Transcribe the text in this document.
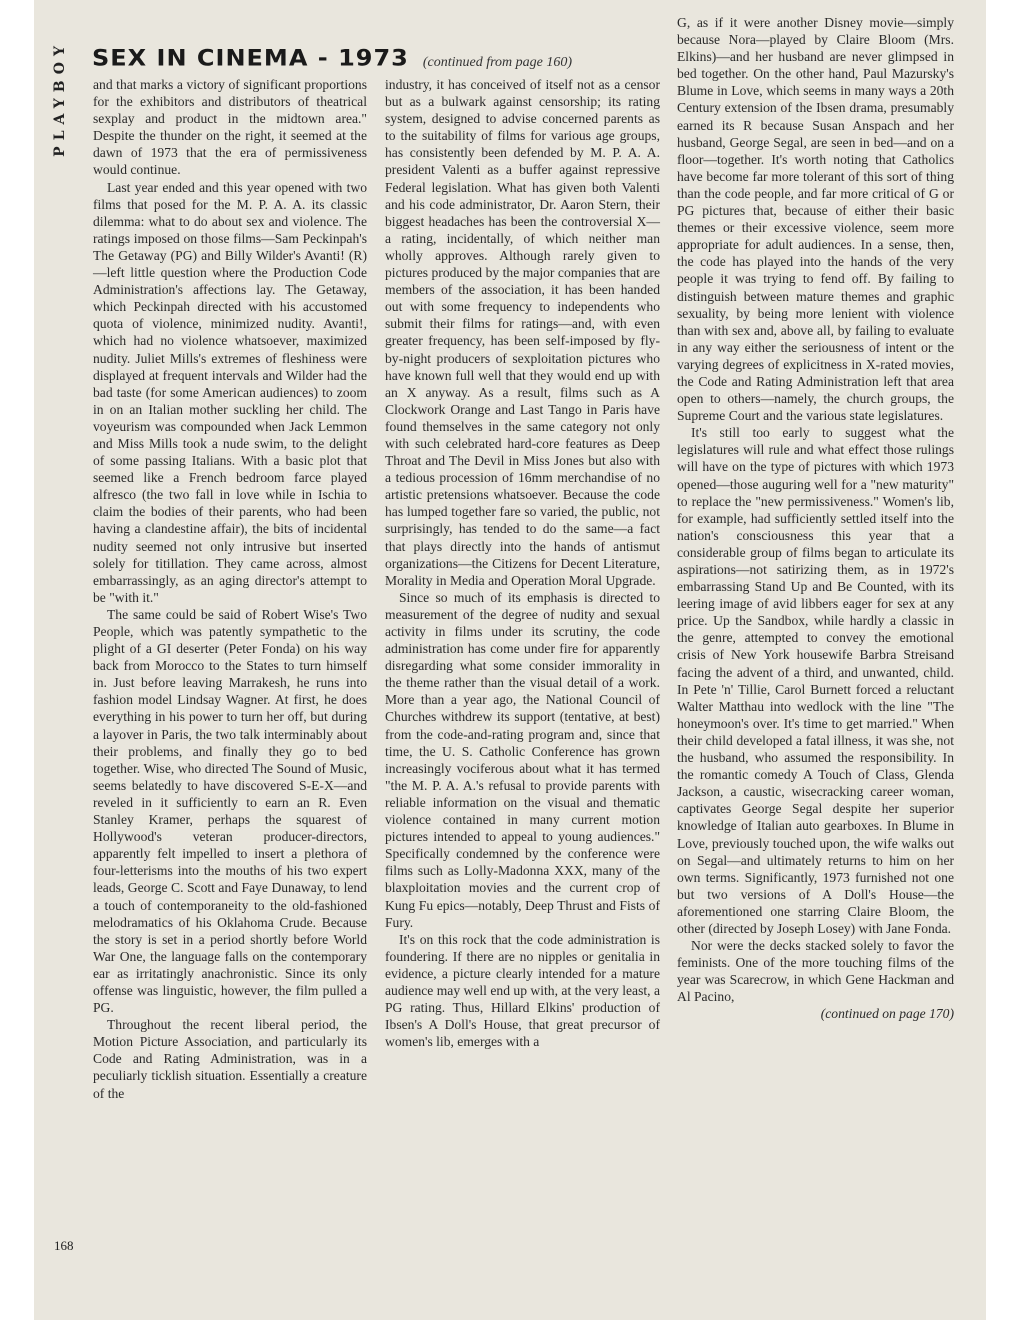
PLAYBOY SEX IN CINEMA - 1973 (continued from page 160)

and that marks a victory of significant proportions for the exhibitors and distributors of theatrical sexplay and product in the midtown area." Despite the thunder on the right, it seemed at the dawn of 1973 that the era of permissiveness would continue.

Last year ended and this year opened with two films that posed for the M. P. A. A. its classic dilemma: what to do about sex and violence. The ratings imposed on those films—Sam Peckinpah's The Getaway (PG) and Billy Wilder's Avanti! (R)—left little question where the Production Code Administration's affections lay. The Getaway, which Peckinpah directed with his accustomed quota of violence, minimized nudity. Avanti!, which had no violence whatsoever, maximized nudity. Juliet Mills's extremes of fleshiness were displayed at frequent intervals and Wilder had the bad taste (for some American audiences) to zoom in on an Italian mother suckling her child. The voyeurism was compounded when Jack Lemmon and Miss Mills took a nude swim, to the delight of some passing Italians. With a basic plot that seemed like a French bedroom farce played alfresco (the two fall in love while in Ischia to claim the bodies of their parents, who had been having a clandestine affair), the bits of incidental nudity seemed not only intrusive but inserted solely for titillation. They came across, almost embarrassingly, as an aging director's attempt to be "with it."

The same could be said of Robert Wise's Two People, which was patently sympathetic to the plight of a GI deserter (Peter Fonda) on his way back from Morocco to the States to turn himself in. Just before leaving Marrakesh, he runs into fashion model Lindsay Wagner. At first, he does everything in his power to turn her off, but during a layover in Paris, the two talk interminably about their problems, and finally they go to bed together. Wise, who directed The Sound of Music, seems belatedly to have discovered S-E-X—and reveled in it sufficiently to earn an R. Even Stanley Kramer, perhaps the squarest of Hollywood's veteran producer-directors, apparently felt impelled to insert a plethora of four-letterisms into the mouths of his two expert leads, George C. Scott and Faye Dunaway, to lend a touch of contemporaneity to the old-fashioned melodramatics of his Oklahoma Crude. Because the story is set in a period shortly before World War One, the language falls on the contemporary ear as irritatingly anachronistic. Since its only offense was linguistic, however, the film pulled a PG.

Throughout the recent liberal period, the Motion Picture Association, and particularly its Code and Rating Administration, was in a peculiarly ticklish situation. Essentially a creature of the

industry, it has conceived of itself not as a censor but as a bulwark against censorship; its rating system, designed to advise concerned parents as to the suitability of films for various age groups, has consistently been defended by M. P. A. A. president Valenti as a buffer against repressive Federal legislation. What has given both Valenti and his code administrator, Dr. Aaron Stern, their biggest headaches has been the controversial X—a rating, incidentally, of which neither man wholly approves. Although rarely given to pictures produced by the major companies that are members of the association, it has been handed out with some frequency to independents who submit their films for ratings—and, with even greater frequency, has been self-imposed by fly-by-night producers of sexploitation pictures who have known full well that they would end up with an X anyway. As a result, films such as A Clockwork Orange and Last Tango in Paris have found themselves in the same category not only with such celebrated hard-core features as Deep Throat and The Devil in Miss Jones but also with a tedious procession of 16mm merchandise of no artistic pretensions whatsoever. Because the code has lumped together fare so varied, the public, not surprisingly, has tended to do the same—a fact that plays directly into the hands of antismut organizations—the Citizens for Decent Literature, Morality in Media and Operation Moral Upgrade.

Since so much of its emphasis is directed to measurement of the degree of nudity and sexual activity in films under its scrutiny, the code administration has come under fire for apparently disregarding what some consider immorality in the theme rather than the visual detail of a work. More than a year ago, the National Council of Churches withdrew its support (tentative, at best) from the code-and-rating program and, since that time, the U. S. Catholic Conference has grown increasingly vociferous about what it has termed "the M. P. A. A.'s refusal to provide parents with reliable information on the visual and thematic violence contained in many current motion pictures intended to appeal to young audiences." Specifically condemned by the conference were films such as Lolly-Madonna XXX, many of the blaxploitation movies and the current crop of Kung Fu epics—notably, Deep Thrust and Fists of Fury.

It's on this rock that the code administration is foundering. If there are no nipples or genitalia in evidence, a picture clearly intended for a mature audience may well end up with, at the very least, a PG rating. Thus, Hillard Elkins' production of Ibsen's A Doll's House, that great precursor of women's lib, emerges with a

G, as if it were another Disney movie—simply because Nora—played by Claire Bloom (Mrs. Elkins)—and her husband are never glimpsed in bed together. On the other hand, Paul Mazursky's Blume in Love, which seems in many ways a 20th Century extension of the Ibsen drama, presumably earned its R because Susan Anspach and her husband, George Segal, are seen in bed—and on a floor—together. It's worth noting that Catholics have become far more tolerant of this sort of thing than the code people, and far more critical of G or PG pictures that, because of either their basic themes or their excessive violence, seem more appropriate for adult audiences. In a sense, then, the code has played into the hands of the very people it was trying to fend off. By failing to distinguish between mature themes and graphic sexuality, by being more lenient with violence than with sex and, above all, by failing to evaluate in any way either the seriousness of intent or the varying degrees of explicitness in X-rated movies, the Code and Rating Administration left that area open to others—namely, the church groups, the Supreme Court and the various state legislatures.

It's still too early to suggest what the legislatures will rule and what effect those rulings will have on the type of pictures with which 1973 opened—those auguring well for a "new maturity" to replace the "new permissiveness." Women's lib, for example, had sufficiently settled itself into the nation's consciousness this year that a considerable group of films began to articulate its aspirations—not satirizing them, as in 1972's embarrassing Stand Up and Be Counted, with its leering image of avid libbers eager for sex at any price. Up the Sandbox, while hardly a classic in the genre, attempted to convey the emotional crisis of New York housewife Barbra Streisand facing the advent of a third, and unwanted, child. In Pete 'n' Tillie, Carol Burnett forced a reluctant Walter Matthau into wedlock with the line "The honeymoon's over. It's time to get married." When their child developed a fatal illness, it was she, not the husband, who assumed the responsibility. In the romantic comedy A Touch of Class, Glenda Jackson, a caustic, wisecracking career woman, captivates George Segal despite her superior knowledge of Italian auto gearboxes. In Blume in Love, previously touched upon, the wife walks out on Segal—and ultimately returns to him on her own terms. Significantly, 1973 furnished not one but two versions of A Doll's House—the aforementioned one starring Claire Bloom, the other (directed by Joseph Losey) with Jane Fonda.

Nor were the decks stacked solely to favor the feminists. One of the more touching films of the year was Scarecrow, in which Gene Hackman and Al Pacino,

(continued on page 170)
168
